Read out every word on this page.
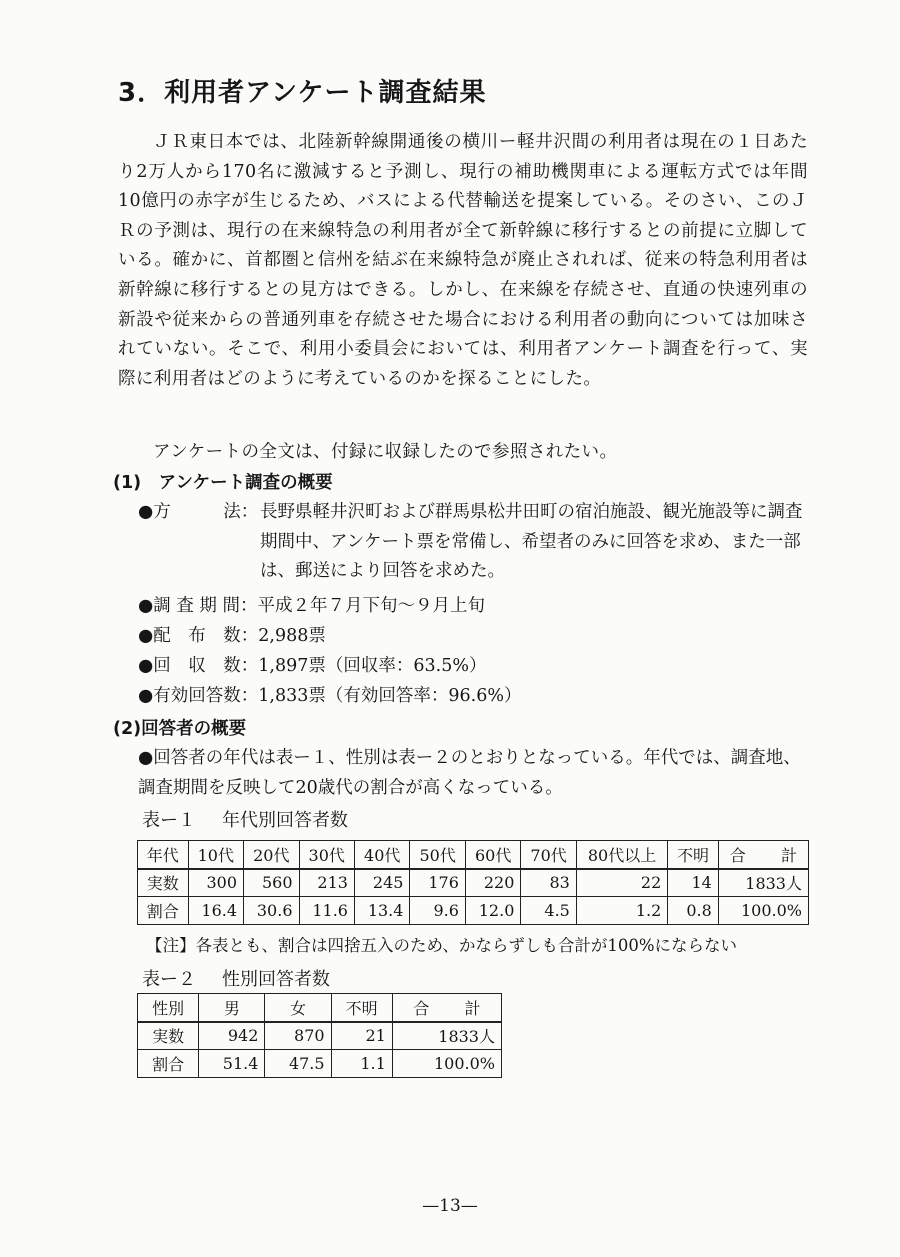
3．利用者アンケート調査結果

ＪＲ東日本では、北陸新幹線開通後の横川ー軽井沢間の利用者は現在の１日あたり2万人から170名に激減すると予測し、現行の補助機関車による運転方式では年間10億円の赤字が生じるため、バスによる代替輸送を提案している。そのさい、このＪＲの予測は、現行の在来線特急の利用者が全て新幹線に移行するとの前提に立脚している。確かに、首都圏と信州を結ぶ在来線特急が廃止されれば、従来の特急利用者は新幹線に移行するとの見方はできる。しかし、在来線を存続させ、直通の快速列車の新設や従来からの普通列車を存続させた場合における利用者の動向については加味されていない。そこで、利用小委員会においては、利用者アンケート調査を行って、実際に利用者はどのように考えているのかを探ることにした。

アンケートの全文は、付録に収録したので参照されたい。

(1)　アンケート調査の概要
●方　　　法：長野県軽井沢町および群馬県松井田町の宿泊施設、観光施設等に調査期間中、アンケート票を常備し、希望者のみに回答を求め、また一部は、郵送により回答を求めた。
●調 査 期 間：平成２年７月下旬～９月上旬
●配　布　数：2,988票
●回　収　数：1,897票（回収率：63.5%）
●有効回答数：1,833票（有効回答率：96.6%）
(2)回答者の概要
●回答者の年代は表ー１、性別は表ー２のとおりとなっている。年代では、調査地、調査期間を反映して20歳代の割合が高くなっている。
表ー１ 年代別回答者数
年代	10代	20代	30代	40代	50代	60代	70代	80代以上	不明	合 計
実数	300	560	213	245	176	220	83	22	14	1833人
割合	16.4	30.6	11.6	13.4	9.6	12.0	4.5	1.2	0.8	100.0%
【注】各表とも、割合は四捨五入のため、かならずしも合計が100%にならない
表ー２ 性別回答者数
性別	男	女	不明	合 計
実数	942	870	21	1833人
割合	51.4	47.5	1.1	100.0%
—13—
